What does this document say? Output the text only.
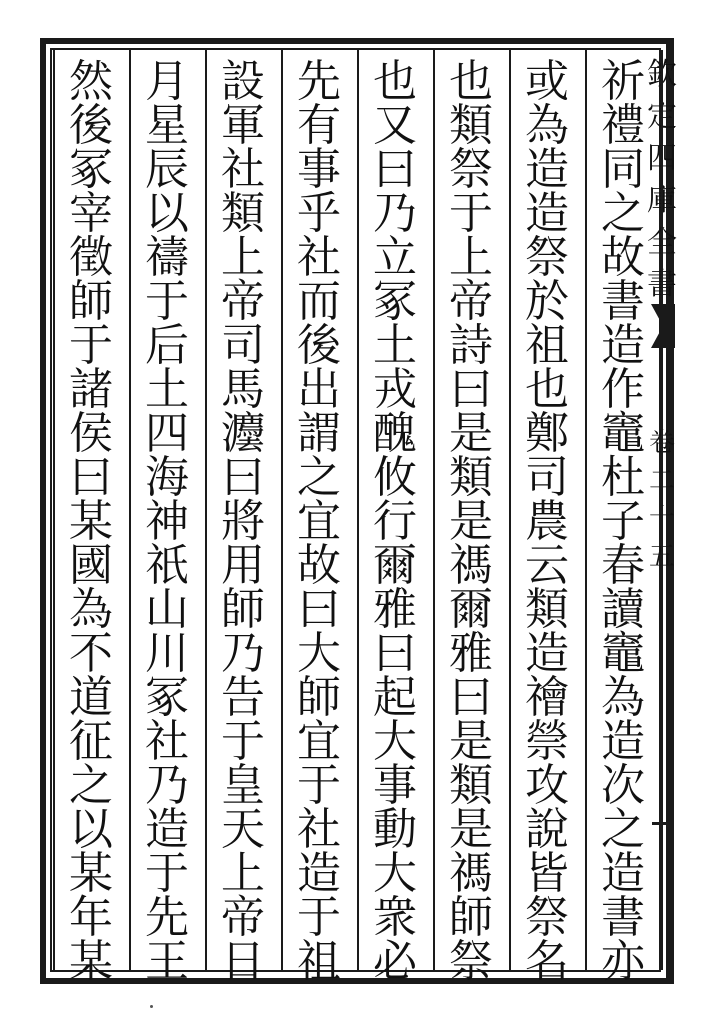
欽
定
四
庫
全
書
卷
二
十
五
祈
禮
同
之
故
書
造
作
竈
杜
子
春
讀
竈
為
造
次
之
造
書
亦
或
為
造
造
祭
於
祖
也
鄭
司
農
云
類
造
禬
禜
攻
說
皆
祭
名
也
類
祭
于
上
帝
詩
曰
是
類
是
禡
爾
雅
曰
是
類
是
禡
師
祭
也
又
曰
乃
立
冢
土
戎
醜
攸
行
爾
雅
曰
起
大
事
動
大
衆
必
先
有
事
乎
社
而
後
出
謂
之
宜
故
曰
大
師
宜
于
社
造
于
祖
設
軍
社
類
上
帝
司
馬
灋
曰
將
用
師
乃
告
于
皇
天
上
帝
日
月
星
辰
以
禱
于
后
土
四
海
神
祇
山
川
冢
社
乃
造
于
先
王
然
後
冢
宰
徵
師
于
諸
侯
曰
某
國
為
不
道
征
之
以
某
年
某
